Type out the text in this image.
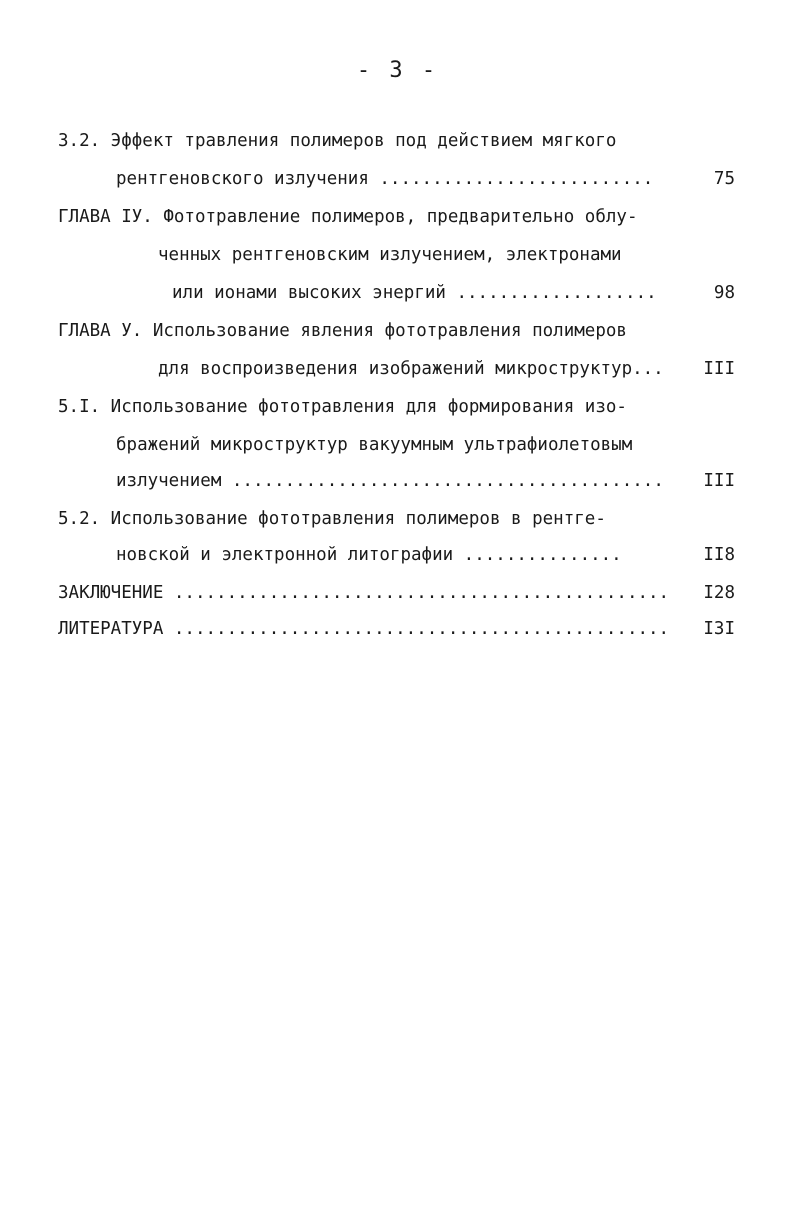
- 3 -
3.2. Эффект травления полимеров под действием мягкого
рентгеновского излучения ..........................	75
ГЛАВА IУ. Фототравление полимеров, предварительно облу-
ченных рентгеновским излучением, электронами
или ионами высоких энергий ...................	98
ГЛАВА У. Использование явления фототравления полимеров
для воспроизведения изображений микроструктур... III
5.I. Использование фототравления для формирования изо-
бражений микроструктур вакуумным ультрафиолетовым
излучением ......................................... III
5.2. Использование фототравления полимеров в рентге-
новской и электронной литографии ...............	II8
ЗАКЛЮЧЕНИЕ ............................................... I28
ЛИТЕРАТУРА ............................................... I3I
